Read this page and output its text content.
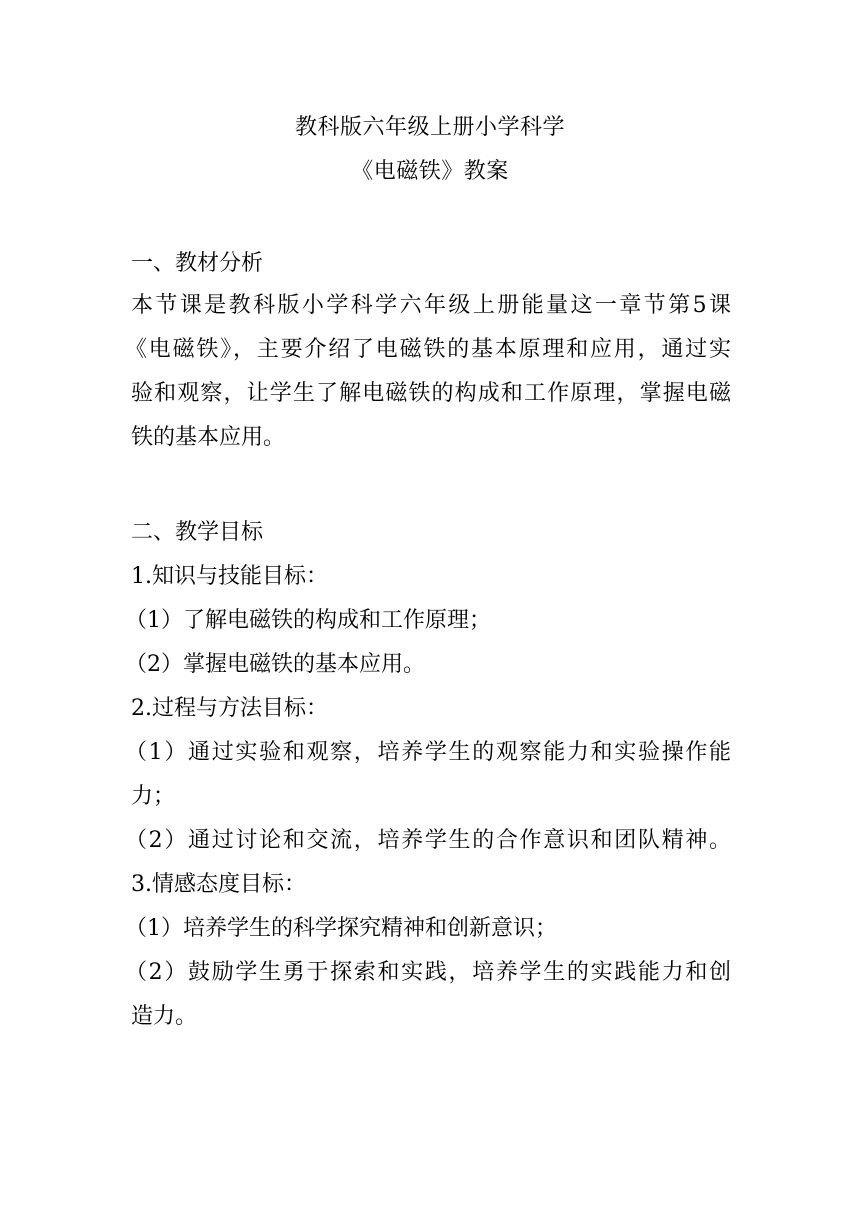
教科版六年级上册小学科学
《电磁铁》教案
一、教材分析
本节课是教科版小学科学六年级上册能量这一章节第5课
《电磁铁》，主要介绍了电磁铁的基本原理和应用，通过实
验和观察，让学生了解电磁铁的构成和工作原理，掌握电磁
铁的基本应用。
二、教学目标
1.知识与技能目标：
（1）了解电磁铁的构成和工作原理；
（2）掌握电磁铁的基本应用。
2.过程与方法目标：
（1）通过实验和观察，培养学生的观察能力和实验操作能
力；
（2）通过讨论和交流，培养学生的合作意识和团队精神。
3.情感态度目标：
（1）培养学生的科学探究精神和创新意识；
（2）鼓励学生勇于探索和实践，培养学生的实践能力和创
造力。
